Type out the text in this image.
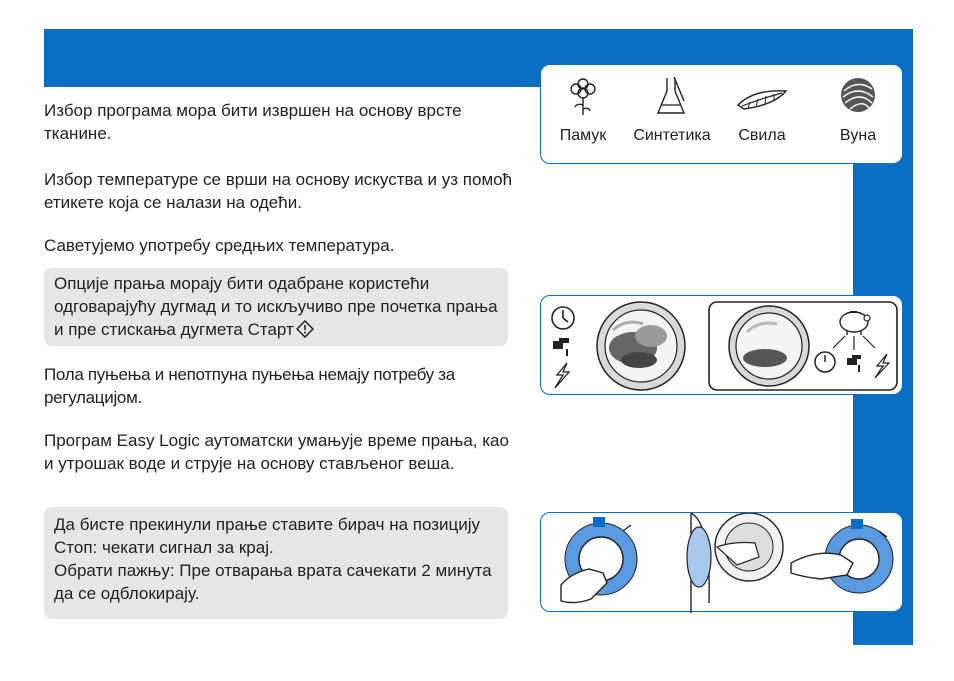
Избор програма мора бити извршен на основу врсте тканине.

Избор температуре се врши на основу искуства и уз помоћ етикете која се налази на одећи.

Саветујемо употребу средњих температура.

Опције прања морају бити одабране користећи одговарајућу дугмад и то искључиво пре почетка прања и пре стискања дугмета Старт

Пола пуњења и непотпуна пуњења немају потребу за регулацијом.

Програм Easy Logic аутоматски умањује време прања, као и утрошак воде и струје на основу стављеног веша.

Да бисте прекинули прање ставите бирач на позицију Стоп: чекати сигнал за крај.

Обрати пажњу: Пре отварања врата сачекати 2 минута да се одблокирају.

Памук	Синтетика	Свила	Вуна
